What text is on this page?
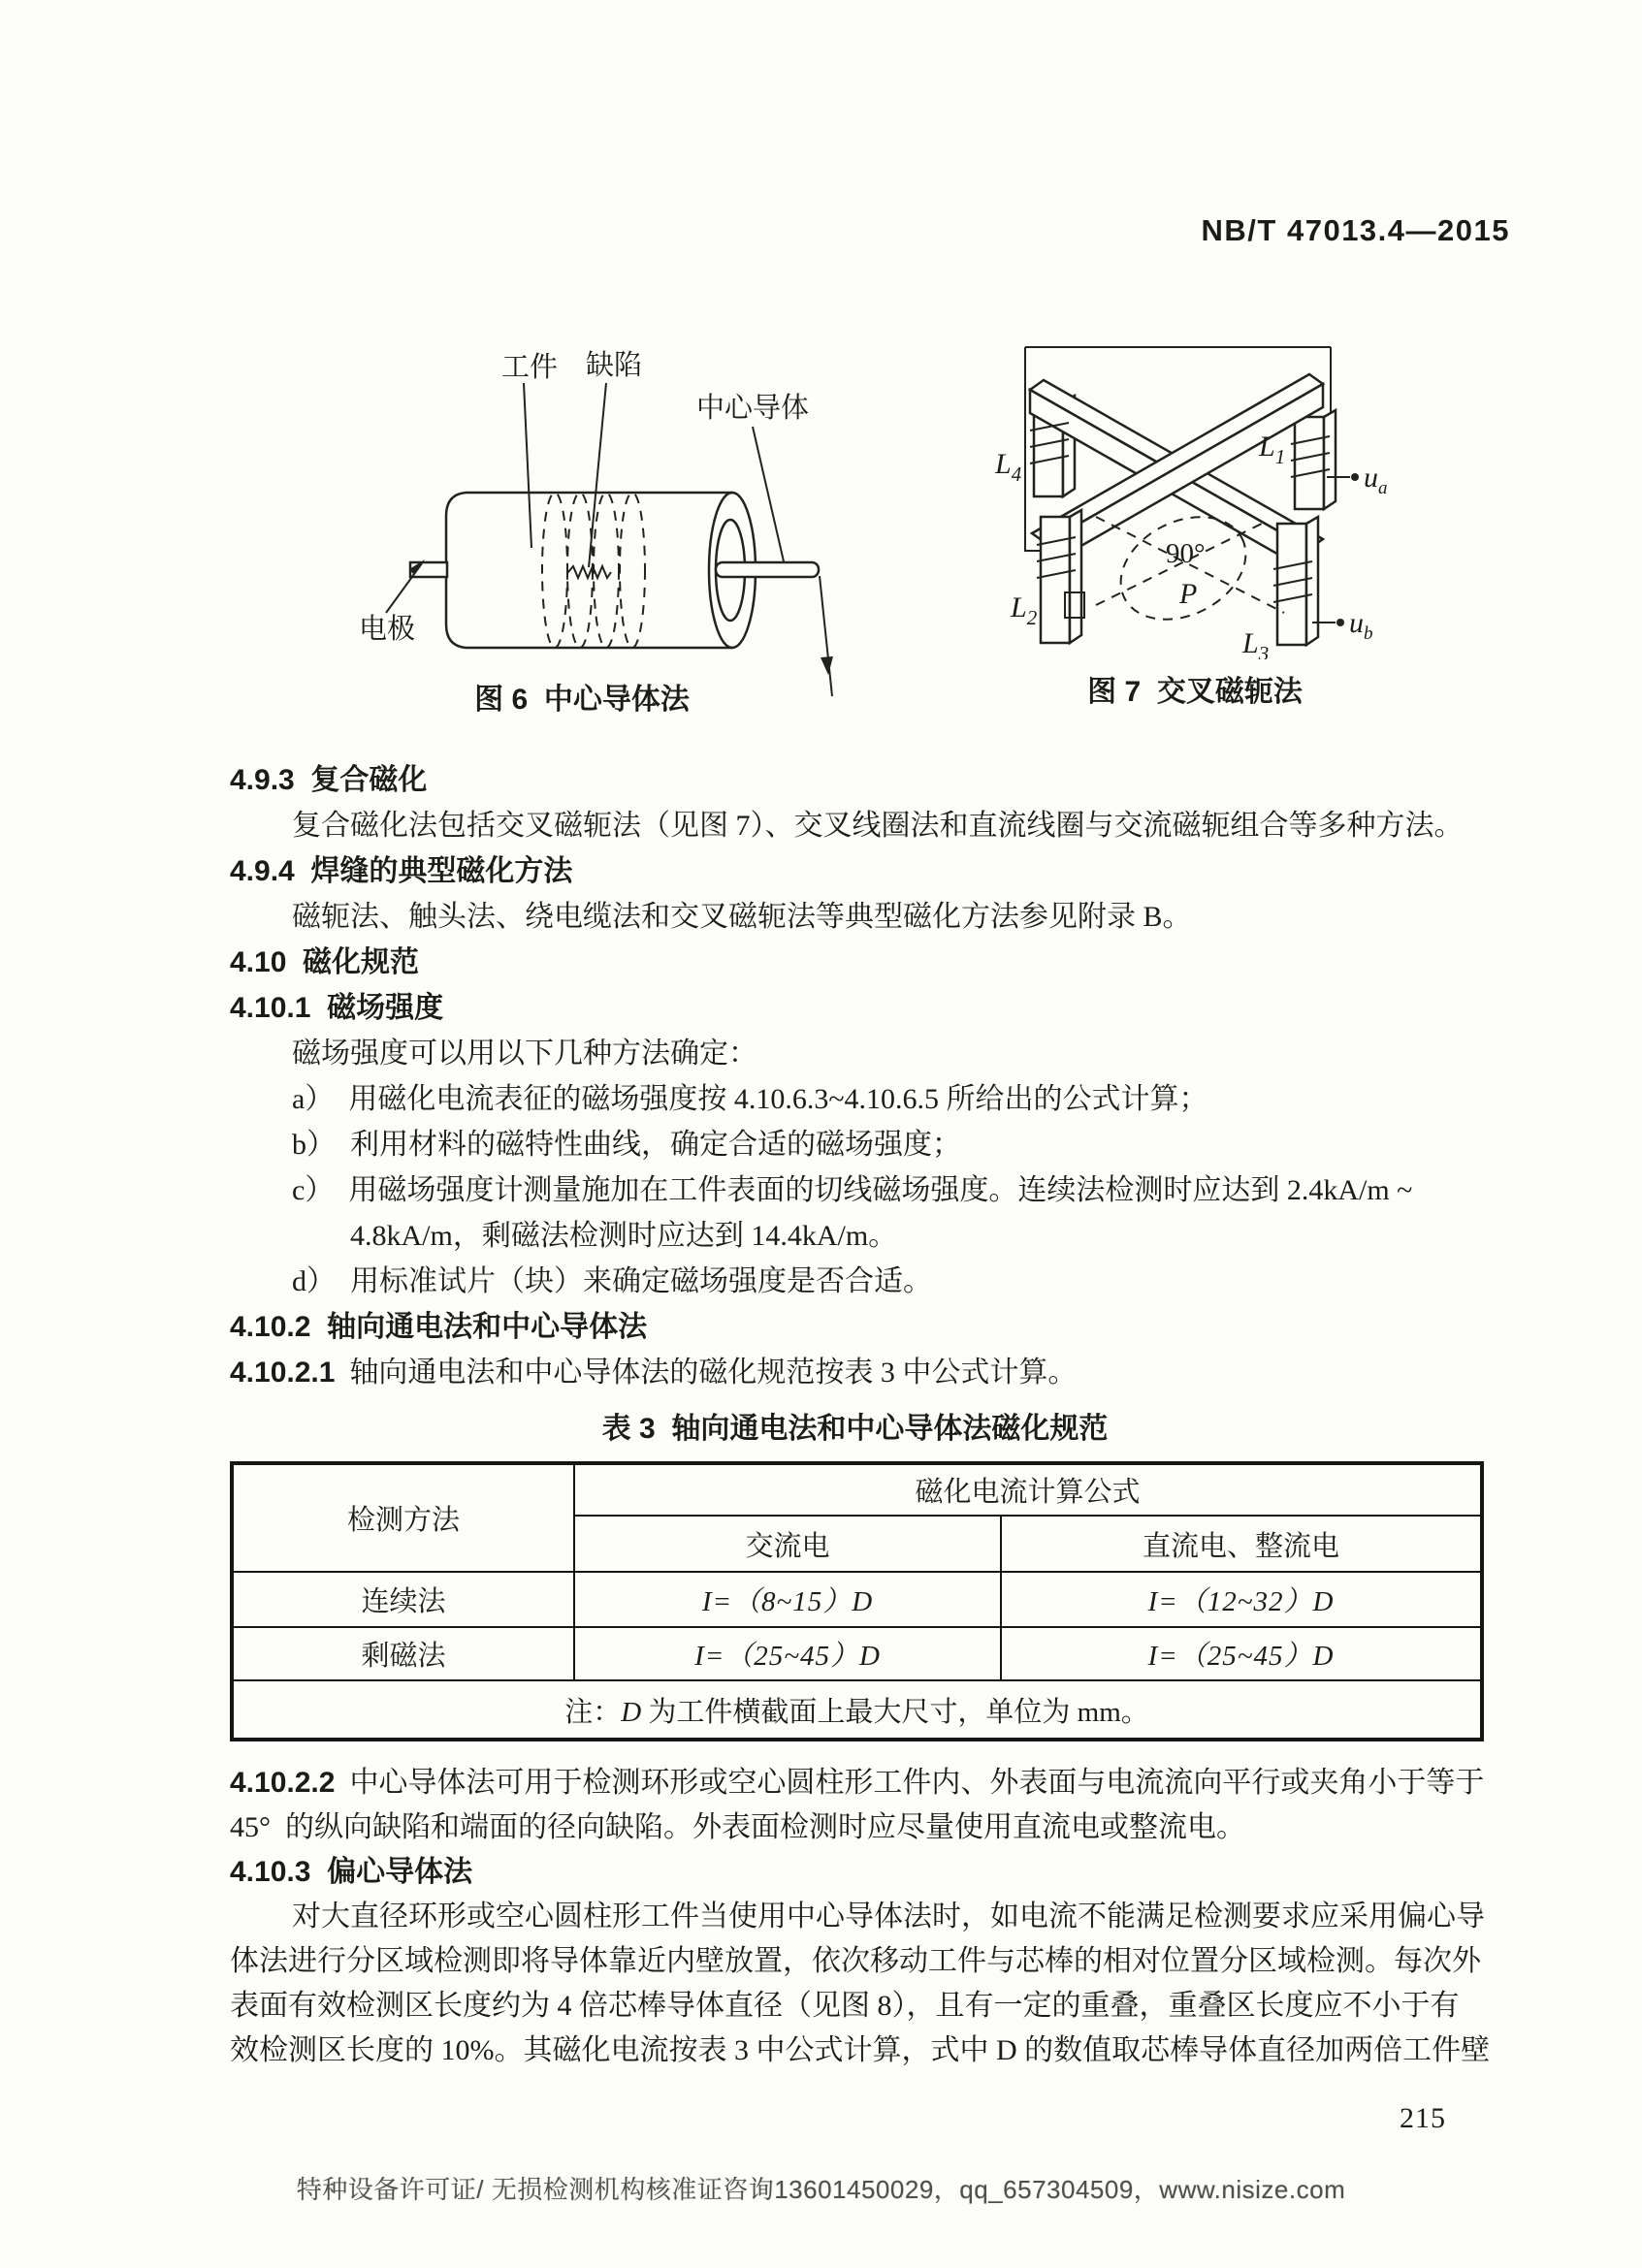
NB/T 47013.4—2015
工件 缺陷
中心导体
电极
图 6  中心导体法
$L_4$
$L_1$
$L_2$
$L_3$
$u_a$
$u_b$
90°
P
图 7  交叉磁轭法
4.9.3  复合磁化
复合磁化法包括交叉磁轭法（见图 7）、交叉线圈法和直流线圈与交流磁轭组合等多种方法。
4.9.4  焊缝的典型磁化方法
磁轭法、触头法、绕电缆法和交叉磁轭法等典型磁化方法参见附录 B。
4.10  磁化规范
4.10.1  磁场强度
磁场强度可以用以下几种方法确定：
a）  用磁化电流表征的磁场强度按 4.10.6.3~4.10.6.5 所给出的公式计算；
b）  利用材料的磁特性曲线，确定合适的磁场强度；
c）  用磁场强度计测量施加在工件表面的切线磁场强度。连续法检测时应达到 2.4kA/m ~
4.8kA/m，剩磁法检测时应达到 14.4kA/m。
d）  用标准试片（块）来确定磁场强度是否合适。
4.10.2  轴向通电法和中心导体法
4.10.2.1  轴向通电法和中心导体法的磁化规范按表 3 中公式计算。
表 3  轴向通电法和中心导体法磁化规范
检测方法	磁化电流计算公式	
	交流电	直流电、整流电
连续法	I=（8~15）D	I=（12~32）D
剩磁法	I=（25~45）D	I=（25~45）D
注：D 为工件横截面上最大尺寸，单位为 mm。		
4.10.2.2  中心导体法可用于检测环形或空心圆柱形工件内、外表面与电流流向平行或夹角小于等于
45°  的纵向缺陷和端面的径向缺陷。外表面检测时应尽量使用直流电或整流电。
4.10.3  偏心导体法
对大直径环形或空心圆柱形工件当使用中心导体法时，如电流不能满足检测要求应采用偏心导
体法进行分区域检测即将导体靠近内壁放置，依次移动工件与芯棒的相对位置分区域检测。每次外
表面有效检测区长度约为 4 倍芯棒导体直径（见图 8），且有一定的重叠，重叠区长度应不小于有
效检测区长度的 10%。其磁化电流按表 3 中公式计算，式中 D 的数值取芯棒导体直径加两倍工件壁
215
特种设备许可证/ 无损检测机构核准证咨询13601450029，qq_657304509，www.nisize.com
